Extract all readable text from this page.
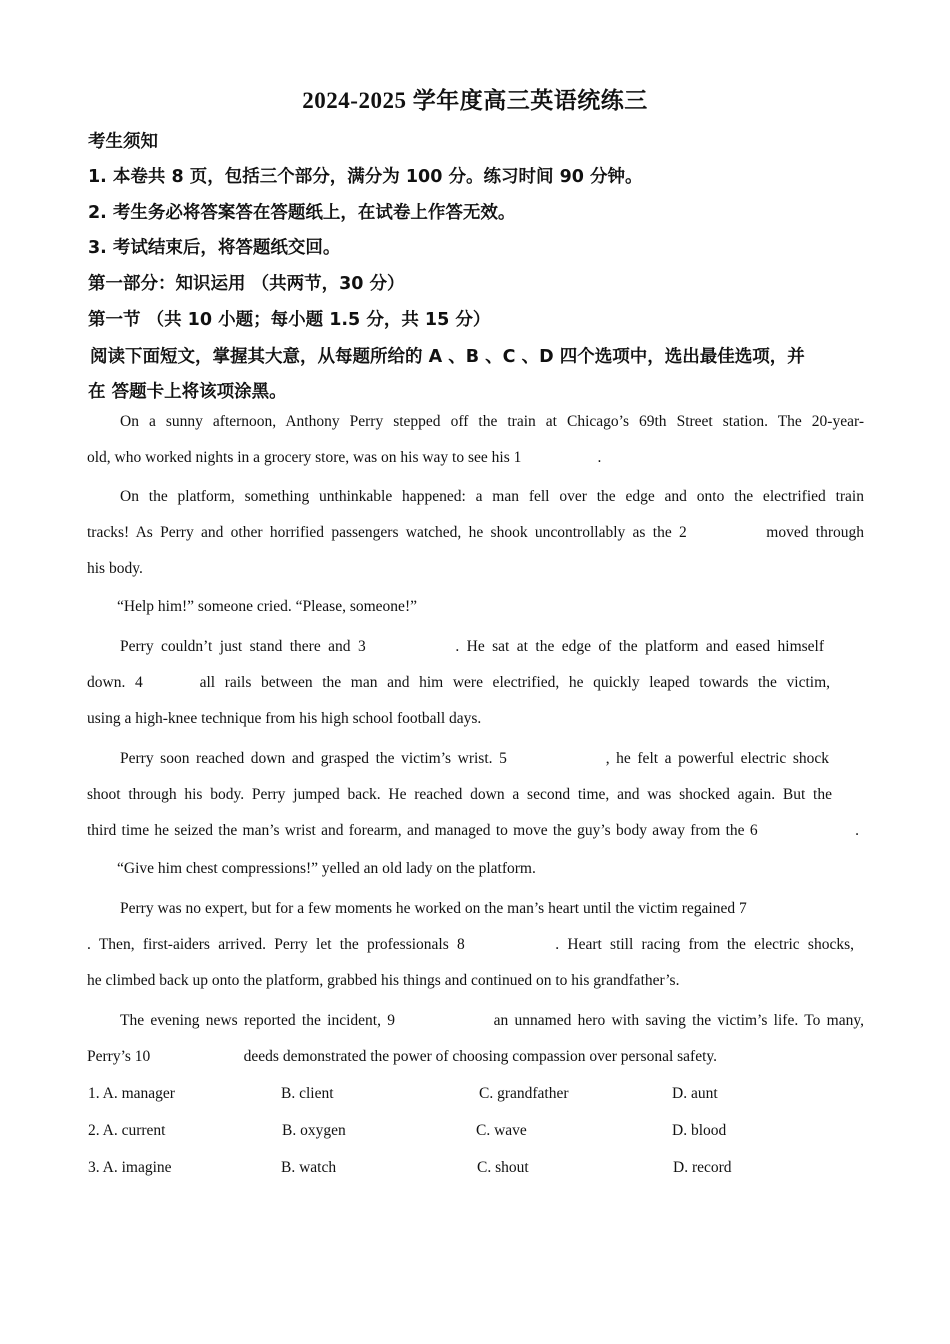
2024-2025 学年度高三英语统练三
考生须知
1. 本卷共 8 页，包括三个部分，满分为 100 分。练习时间 90 分钟。
2. 考生务必将答案答在答题纸上，在试卷上作答无效。
3. 考试结束后，将答题纸交回。
第一部分：知识运用 （共两节，30 分）
第一节 （共 10 小题；每小题 1.5 分，共 15 分）
阅读下面短文，掌握其大意，从每题所给的 A 、B 、C 、D 四个选项中，选出最佳选项，并
在 答题卡上将该项涂黑。
On a sunny afternoon, Anthony Perry stepped off the train at Chicago’s 69th Street station. The 20-year-
old, who worked nights in a grocery store, was on his way to see his 1	.
On the platform, something unthinkable happened: a man fell over the edge and onto the electrified train
tracks! As Perry and other horrified passengers watched, he shook uncontrollably as the 2	moved through
his body.
“Help him!” someone cried. “Please, someone!”
Perry couldn’t just stand there and 3	. He sat at the edge of the platform and eased himself
down. 4	all rails between the man and him were electrified, he quickly leaped towards the victim,
using a high-knee technique from his high school football days.
Perry soon reached down and grasped the victim’s wrist. 5	, he felt a powerful electric shock
shoot through his body. Perry jumped back. He reached down a second time, and was shocked again. But the
third time he seized the man’s wrist and forearm, and managed to move the guy’s body away from the 6	.
“Give him chest compressions!” yelled an old lady on the platform.
Perry was no expert, but for a few moments he worked on the man’s heart until the victim regained 7
. Then, first-aiders arrived. Perry let the professionals 8	. Heart still racing from the electric shocks,
he climbed back up onto the platform, grabbed his things and continued on to his grandfather’s.
The evening news reported the incident, 9	an unnamed hero with saving the victim’s life. To many,
Perry’s 10	deeds demonstrated the power of choosing compassion over personal safety.
1. A. manager	B. client	C. grandfather	D. aunt
2. A. current	B. oxygen	C. wave	D. blood
3. A. imagine	B. watch	C. shout	D. record
